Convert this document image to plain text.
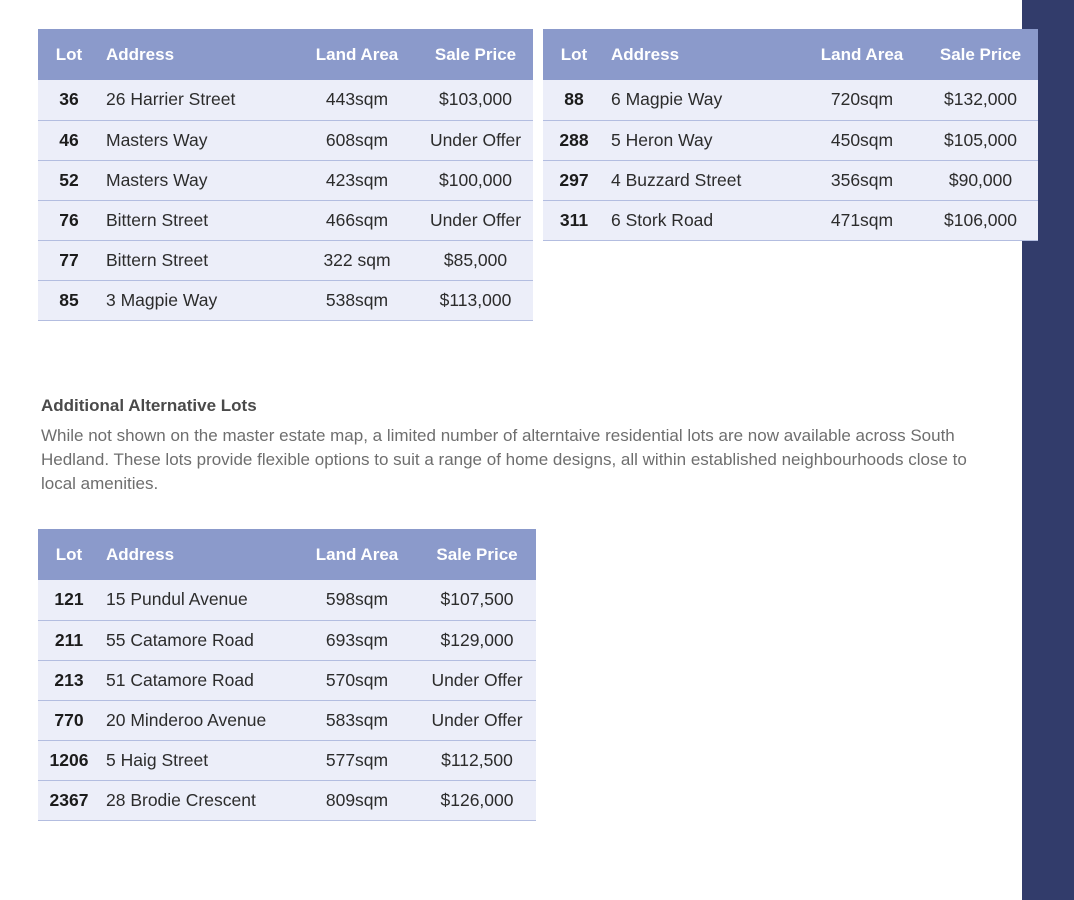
Lot	Address	Land Area	Sale Price
36	26 Harrier Street	443sqm	$103,000
46	Masters Way	608sqm	Under Offer
52	Masters Way	423sqm	$100,000
76	Bittern Street	466sqm	Under Offer
77	Bittern Street	322 sqm	$85,000
85	3 Magpie Way	538sqm	$113,000
Lot	Address	Land Area	Sale Price
88	6 Magpie Way	720sqm	$132,000
288	5 Heron Way	450sqm	$105,000
297	4 Buzzard Street	356sqm	$90,000
311	6 Stork Road	471sqm	$106,000
Additional Alternative Lots
While not shown on the master estate map, a limited number of alterntaive residential lots are now available across South Hedland. These lots provide flexible options to suit a range of home designs, all within established neighbourhoods close to local amenities.
Lot	Address	Land Area	Sale Price
121	15 Pundul Avenue	598sqm	$107,500
211	55 Catamore Road	693sqm	$129,000
213	51 Catamore Road	570sqm	Under Offer
770	20 Minderoo Avenue	583sqm	Under Offer
1206	5 Haig Street	577sqm	$112,500
2367	28 Brodie Crescent	809sqm	$126,000
